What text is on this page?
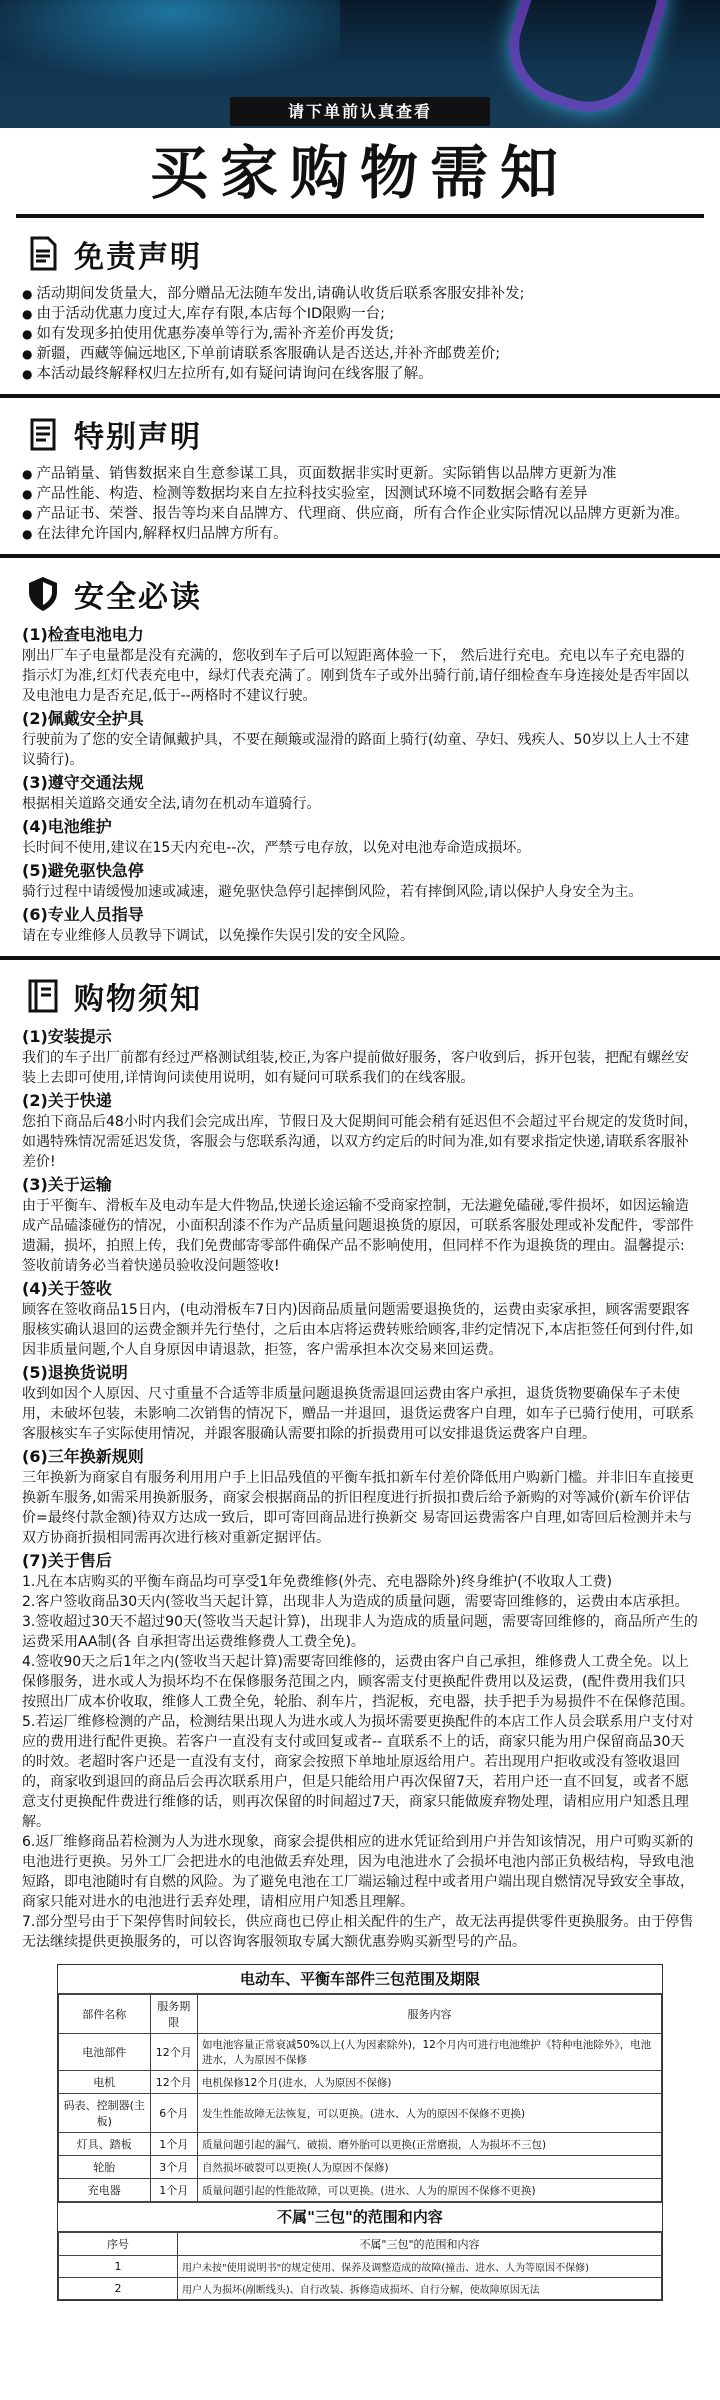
请下单前认真查看
买家购物需知
免责声明

● 活动期间发货量大，部分赠品无法随车发出,请确认收货后联系客服安排补发;

● 由于活动优惠力度过大,库存有限,本店每个ID限购一台;

● 如有发现多拍使用优惠券凑单等行为,需补齐差价再发货;

● 新疆，西藏等偏远地区,下单前请联系客服确认是否送达,并补齐邮费差价;

● 本活动最终解释权归左拉所有,如有疑问请询问在线客服了解。

特别声明

● 产品销量、销售数据来自生意参谋工具，页面数据非实时更新。实际销售以品牌方更新为准

● 产品性能、构造、检测等数据均来自左拉科技实验室，因测试环境不同数据会略有差异

● 产品证书、荣誉、报告等均来自品牌方、代理商、供应商，所有合作企业实际情况以品牌方更新为准。

● 在法律允许国内,解释权归品牌方所有。

安全必读
(1)检查电池电力

刚出厂车子电量都是没有充满的，您收到车子后可以短距离体验一下， 然后进行充电。充电以车子充电器的指示灯为准,红灯代表充电中，绿灯代表充满了。刚到货车子或外出骑行前,请仔细检查车身连接处是否牢固以及电池电力是否充足,低于--两格时不建议行驶。

(2)佩戴安全护具

行驶前为了您的安全请佩戴护具，不要在颠簸或湿滑的路面上骑行(幼童、孕妇、残疾人、50岁以上人士不建议骑行)。

(3)遵守交通法规

根据相关道路交通安全法,请勿在机动车道骑行。

(4)电池维护

长时间不使用,建议在15天内充电--次，严禁亏电存放，以免对电池寿命造成损坏。

(5)避免驱快急停

骑行过程中请缓慢加速或减速，避免驱快急停引起摔倒风险，若有摔倒风险,请以保护人身安全为主。

(6)专业人员指导

请在专业维修人员教导下调试，以免操作失误引发的安全风险。

购物须知
(1)安装提示

我们的车子出厂前都有经过严格测试组装,校正,为客户提前做好服务，客户收到后，拆开包装，把配有螺丝安装上去即可使用,详情询问读使用说明，如有疑问可联系我们的在线客服。

(2)关于快递

您拍下商品后48小时内我们会完成出库，节假日及大促期间可能会稍有延迟但不会超过平台规定的发货时间，如遇特殊情况需延迟发货，客服会与您联系沟通，以双方约定后的时间为准,如有要求指定快递,请联系客服补差价!

(3)关于运输

由于平衡车、滑板车及电动车是大件物品,快递长途运输不受商家控制，无法避免磕碰,零件损坏，如因运输造成产品磕漆碰伤的情况，小面积刮漆不作为产品质量问题退换货的原因，可联系客服处理或补发配件，零部件遗漏，损坏，拍照上传，我们免费邮寄零部件确保产品不影响使用，但同样不作为退换货的理由。温馨提示:签收前请务必当着快递员验收没问题签收!

(4)关于签收

顾客在签收商品15日内，(电动滑板车7日内)因商品质量问题需要退换货的，运费由卖家承担，顾客需要跟客服核实确认退回的运费金额并先行垫付，之后由本店将运费转账给顾客,非约定情况下,本店拒签任何到付件,如因非质量问题,个人自身原因申请退款，拒签，客户需承担本次交易来回运费。

(5)退换货说明

收到如因个人原因、尺寸重量不合适等非质量问题退换货需退回运费由客户承担，退货货物要确保车子未使用，未破坏包装，未影响二次销售的情况下，赠品一并退回，退货运费客户自理，如车子已骑行使用，可联系客服核实车子实际使用情况，并跟客服确认需要扣除的折损费用可以安排退货运费客户自理。

(6)三年换新规则

三年换新为商家自有服务利用用户手上旧品残值的平衡车抵扣新车付差价降低用户购新门槛。并非旧车直接更换新车服务,如需采用换新服务，商家会根据商品的折旧程度进行折损扣费后给予新购的对等减价(新车价评估价=最终付款金额)待双方达成一致后，即可寄回商品进行换新交 易寄回运费需客户自理,如寄回后检测并未与双方协商折损相同需再次进行核对重新定据评估。

(7)关于售后

1.凡在本店购买的平衡车商品均可享受1年免费维修(外壳、充电器除外)终身维护(不收取人工费)

2.客户签收商品30天内(签收当天起计算，出现非人为造成的质量问题，需要寄回维修的，运费由本店承担。

3.签收超过30天不超过90天(签收当天起计算)，出现非人为造成的质量问题，需要寄回维修的，商品所产生的运费采用AA制(各 自承担寄出运费维修费人工费全免)。

4.签收90天之后1年之内(签收当天起计算)需要寄回维修的，运费由客户自己承担，维修费人工费全免。以上保修服务，进水或人为损坏均不在保修服务范围之内，顾客需支付更换配件费用以及运费，(配件费用我们只按照出厂成本价收取，维修人工费全免，轮胎、刹车片，挡泥板，充电器，扶手把手为易损件不在保修范围。

5.若运厂维修检测的产品，检测结果出现人为进水或人为损坏需要更换配件的本店工作人员会联系用户支付对应的费用进行配件更换。若客户一直没有支付或回复或者-- 直联系不上的话，商家只能为用户保留商品30天的时效。老超时客户还是一直没有支付，商家会按照下单地址原返给用户。若出现用户拒收或没有签收退回的，商家收到退回的商品后会再次联系用户，但是只能给用户再次保留7天，若用户还一直不回复，或者不愿意支付更换配件费进行维修的话，则再次保留的时间超过7天，商家只能做废弃物处理，请相应用户知悉且理解。

6.返厂维修商品若检测为人为进水现象，商家会提供相应的进水凭证给到用户并告知该情况，用户可购买新的电池进行更换。另外工厂会把进水的电池做丢弃处理，因为电池进水了会损坏电池内部正负极结构，导致电池短路，即电池随时有自燃的风险。为了避免电池在工厂端运输过程中或者用户端出现自燃情况导致安全事故，商家只能对进水的电池进行丢弃处理，请相应用户知悉且理解。

7.部分型号由于下架停售时间较长，供应商也已停止相关配件的生产，故无法再提供零件更换服务。由于停售无法继续提供更换服务的，可以咨询客服领取专属大额优惠券购买新型号的产品。

电动车、平衡车部件三包范围及期限
部件名称	服务期限	服务内容
电池部件	12个月	如电池容量正常衰减50%以上(人为因素除外)，12个月内可进行电池维护《特种电池除外》，电池进水，人为原因不保修
电机	12个月	电机保修12个月(进水，人为原因不保修)
码表、控制器(主板)	6个月	发生性能故障无法恢复，可以更换。(进水、人为的原因不保修不更换)
灯具、踏板	1个月	质量问题引起的漏气、破损、磨外胎可以更换(正常磨损，人为损坏不三包)
轮胎	3个月	自然损坏破裂可以更换(人为原因不保修)
充电器	1个月	质量问题引起的性能故障，可以更换。(进水、人为的原因不保修不更换)
不属"三包"的范围和内容
序号	不属"三包"的范围和内容
1	用户未按"使用说明书"的规定使用、保养及调整造成的故障(撞击、进水、人为等原因不保修)
2	用户人为损坏(剐断线头)、自行改装、拆修造成损坏、自行分解，使故障原因无法
